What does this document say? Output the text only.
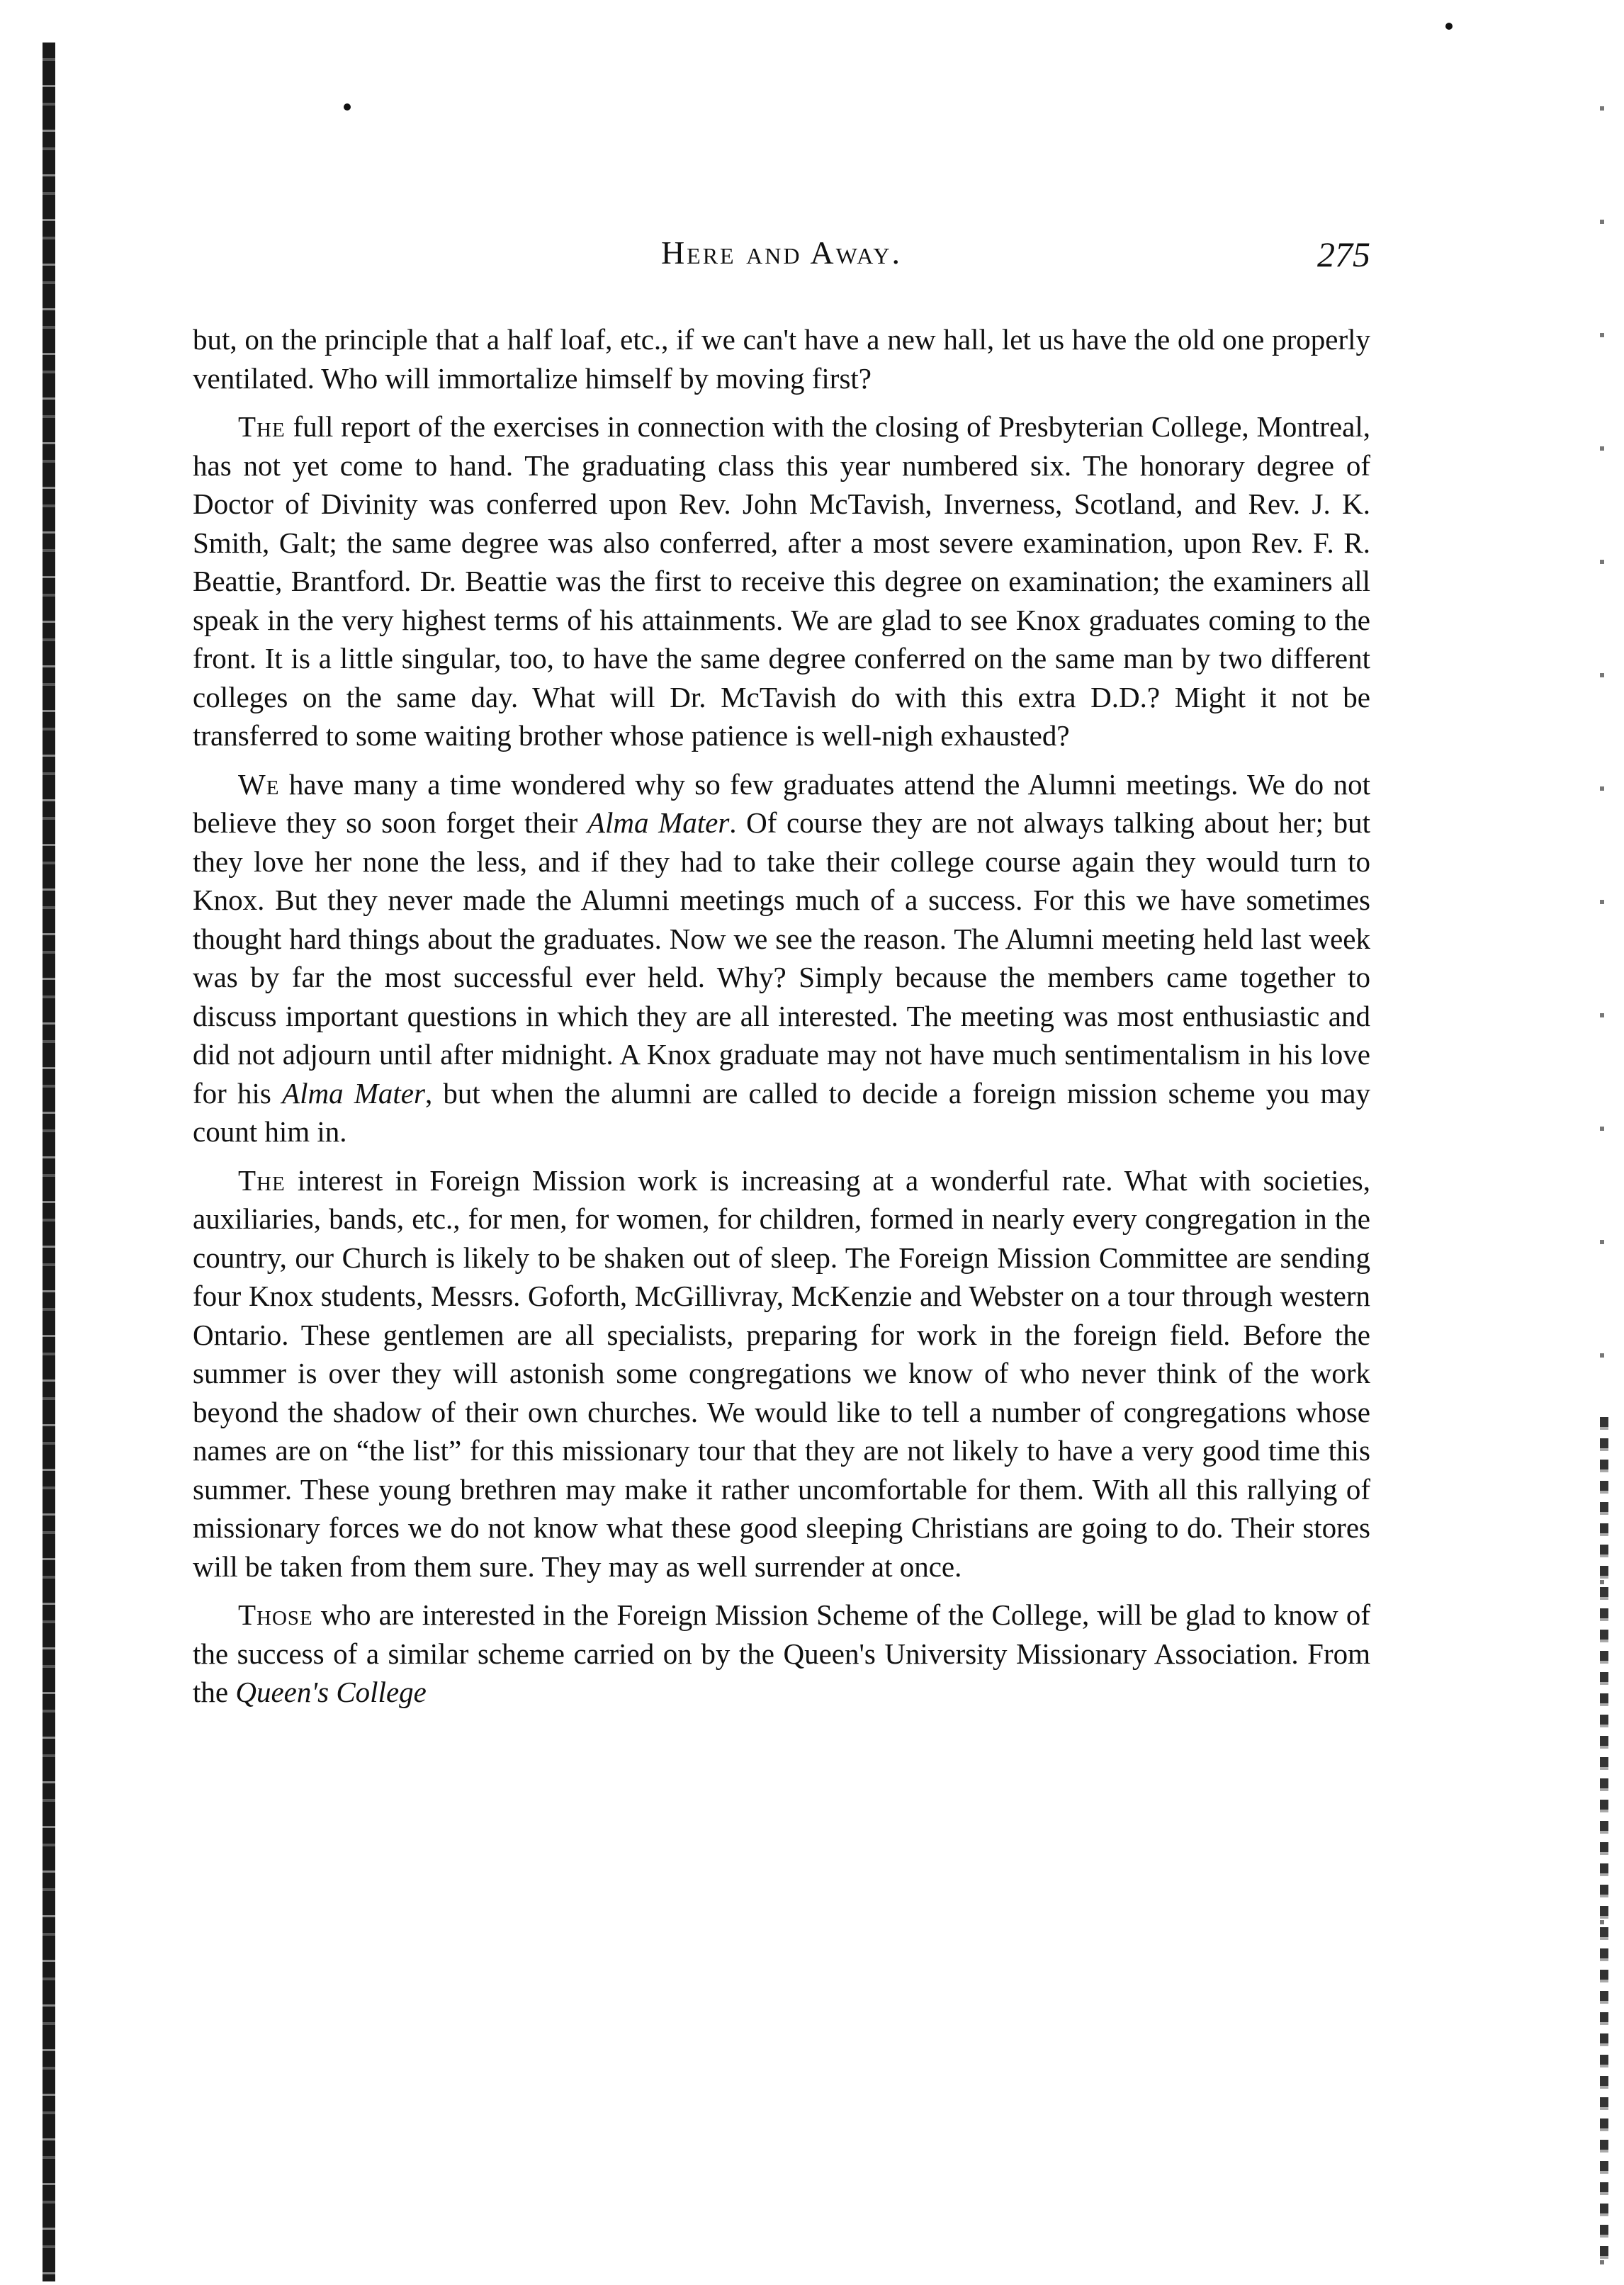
Here and Away.	275

but, on the principle that a half loaf, etc., if we can't have a new hall, let us have the old one properly ventilated. Who will immortalize himself by moving first?

The full report of the exercises in connection with the closing of Presbyterian College, Montreal, has not yet come to hand. The graduating class this year numbered six. The honorary degree of Doctor of Divinity was conferred upon Rev. John McTavish, Inverness, Scotland, and Rev. J. K. Smith, Galt; the same degree was also conferred, after a most severe examination, upon Rev. F. R. Beattie, Brantford. Dr. Beattie was the first to receive this degree on examination; the examiners all speak in the very highest terms of his attainments. We are glad to see Knox graduates coming to the front. It is a little singular, too, to have the same degree conferred on the same man by two different colleges on the same day. What will Dr. McTavish do with this extra D.D.? Might it not be transferred to some waiting brother whose patience is well-nigh exhausted?

We have many a time wondered why so few graduates attend the Alumni meetings. We do not believe they so soon forget their Alma Mater. Of course they are not always talking about her; but they love her none the less, and if they had to take their college course again they would turn to Knox. But they never made the Alumni meetings much of a success. For this we have sometimes thought hard things about the graduates. Now we see the reason. The Alumni meeting held last week was by far the most successful ever held. Why? Simply because the members came together to discuss important questions in which they are all interested. The meeting was most enthusiastic and did not adjourn until after midnight. A Knox graduate may not have much sentimentalism in his love for his Alma Mater, but when the alumni are called to decide a foreign mission scheme you may count him in.

The interest in Foreign Mission work is increasing at a wonderful rate. What with societies, auxiliaries, bands, etc., for men, for women, for children, formed in nearly every congregation in the country, our Church is likely to be shaken out of sleep. The Foreign Mission Committee are sending four Knox students, Messrs. Goforth, McGillivray, McKenzie and Webster on a tour through western Ontario. These gentlemen are all specialists, preparing for work in the foreign field. Before the summer is over they will astonish some congregations we know of who never think of the work beyond the shadow of their own churches. We would like to tell a number of congregations whose names are on “the list” for this missionary tour that they are not likely to have a very good time this summer. These young brethren may make it rather uncomfortable for them. With all this rallying of missionary forces we do not know what these good sleeping Christians are going to do. Their stores will be taken from them sure. They may as well surrender at once.

Those who are interested in the Foreign Mission Scheme of the College, will be glad to know of the success of a similar scheme carried on by the Queen's University Missionary Association. From the Queen's College
